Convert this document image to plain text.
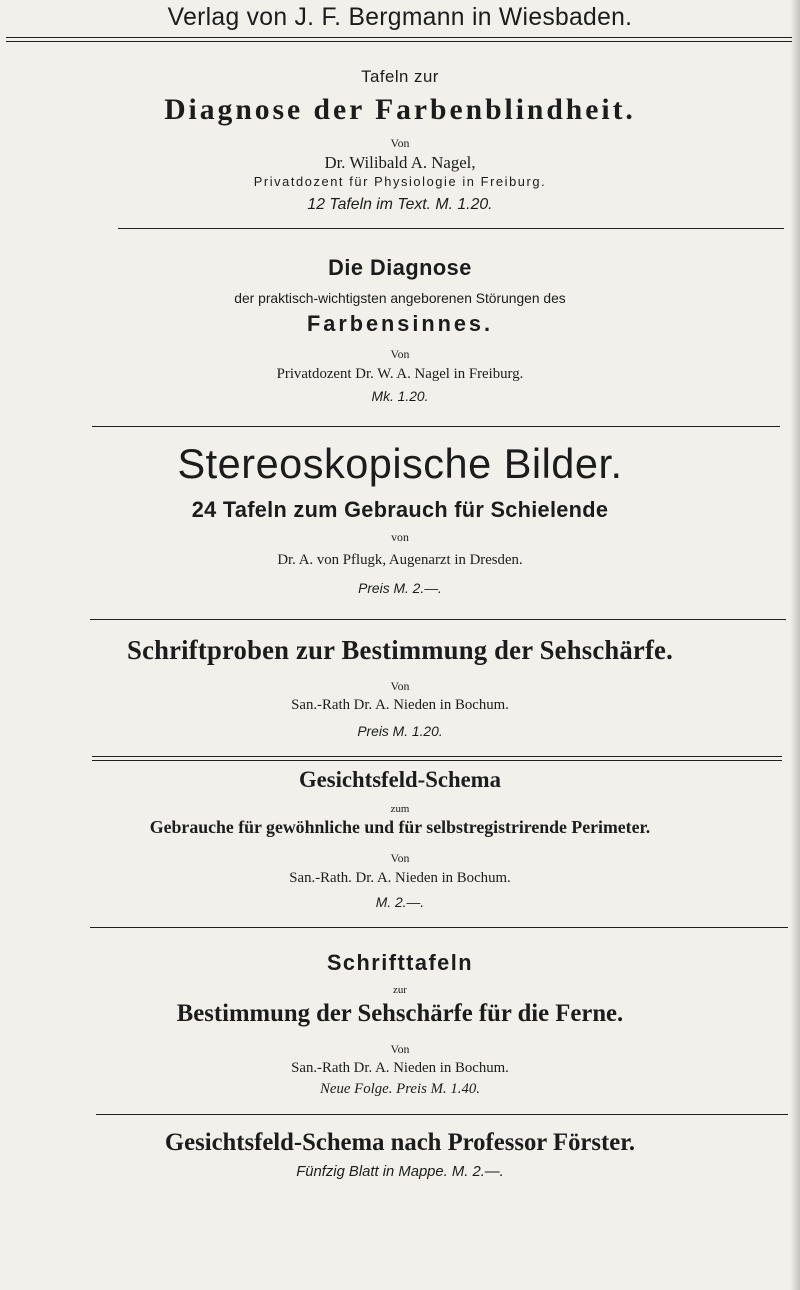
Verlag von J. F. Bergmann in Wiesbaden.
Tafeln zur
Diagnose der Farbenblindheit.
Von
Dr. Wilibald A. Nagel,
Privatdozent für Physiologie in Freiburg.
12 Tafeln im Text. M. 1.20.
Die Diagnose
der praktisch-wichtigsten angeborenen Störungen des
Farbensinnes.
Von
Privatdozent Dr. W. A. Nagel in Freiburg.
Mk. 1.20.
Stereoskopische Bilder.
24 Tafeln zum Gebrauch für Schielende
von
Dr. A. von Pflugk, Augenarzt in Dresden.
Preis M. 2.—.
Schriftproben zur Bestimmung der Sehschärfe.
Von
San.-Rath Dr. A. Nieden in Bochum.
Preis M. 1.20.
Gesichtsfeld-Schema
zum
Gebrauche für gewöhnliche und für selbstregistrirende Perimeter.
Von
San.-Rath. Dr. A. Nieden in Bochum.
M. 2.—.
Schrifttafeln
zur
Bestimmung der Sehschärfe für die Ferne.
Von
San.-Rath Dr. A. Nieden in Bochum.
Neue Folge. Preis M. 1.40.
Gesichtsfeld-Schema nach Professor Förster.
Fünfzig Blatt in Mappe. M. 2.—.
